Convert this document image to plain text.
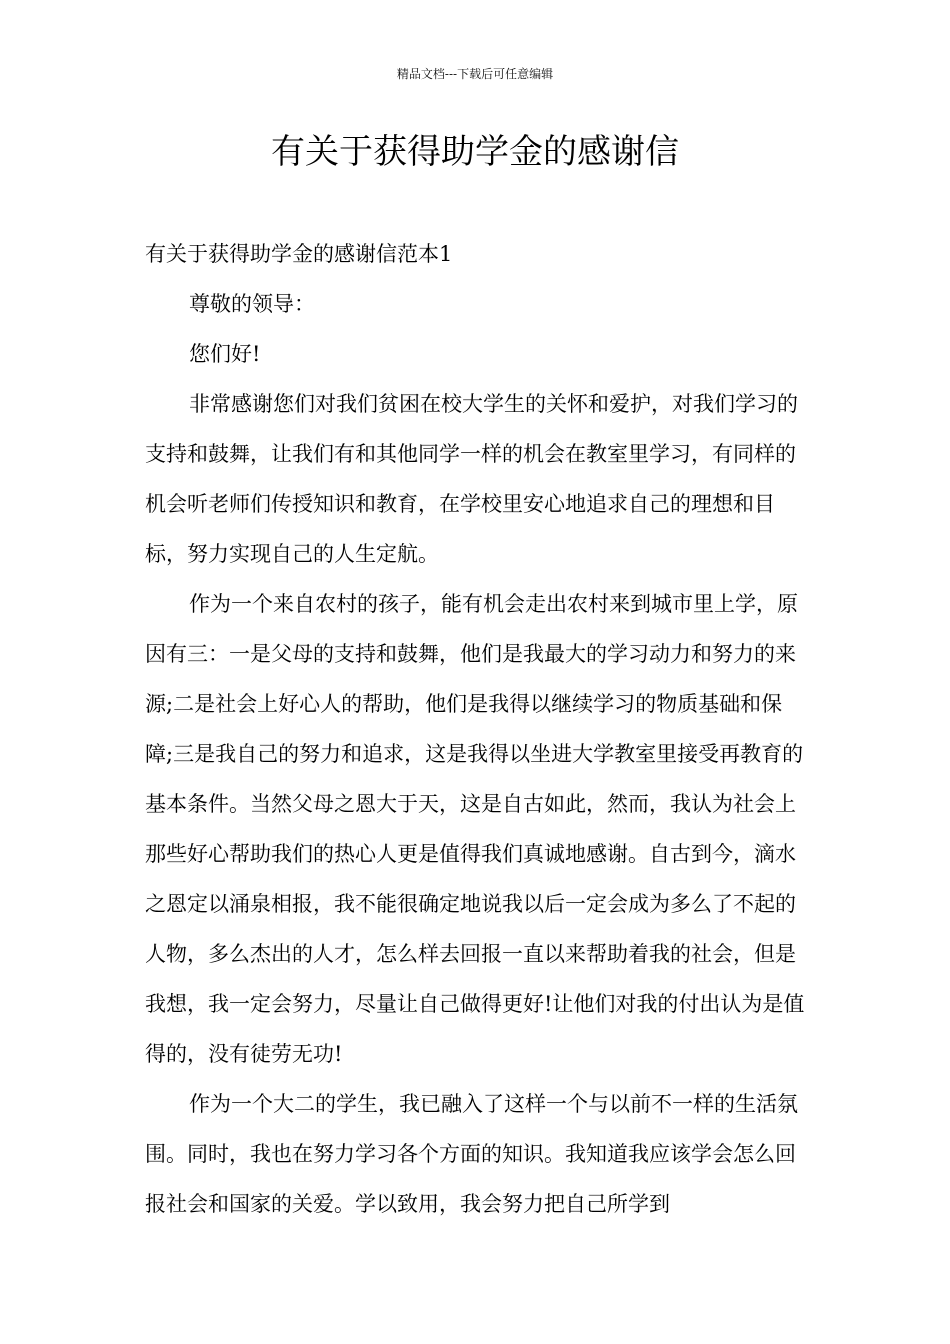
精品文档---下载后可任意编辑
有关于获得助学金的感谢信

有关于获得助学金的感谢信范本1

尊敬的领导：

您们好!

非常感谢您们对我们贫困在校大学生的关怀和爱护，对我们学习的支持和鼓舞，让我们有和其他同学一样的机会在教室里学习，有同样的机会听老师们传授知识和教育，在学校里安心地追求自己的理想和目标，努力实现自己的人生定航。

作为一个来自农村的孩子，能有机会走出农村来到城市里上学，原因有三：一是父母的支持和鼓舞，他们是我最大的学习动力和努力的来源;二是社会上好心人的帮助，他们是我得以继续学习的物质基础和保障;三是我自己的努力和追求，这是我得以坐进大学教室里接受再教育的基本条件。当然父母之恩大于天，这是自古如此，然而，我认为社会上那些好心帮助我们的热心人更是值得我们真诚地感谢。自古到今，滴水之恩定以涌泉相报，我不能很确定地说我以后一定会成为多么了不起的人物，多么杰出的人才，怎么样去回报一直以来帮助着我的社会，但是我想，我一定会努力，尽量让自己做得更好!让他们对我的付出认为是值得的，没有徒劳无功!

作为一个大二的学生，我已融入了这样一个与以前不一样的生活氛围。同时，我也在努力学习各个方面的知识。我知道我应该学会怎么回报社会和国家的关爱。学以致用，我会努力把自己所学到
